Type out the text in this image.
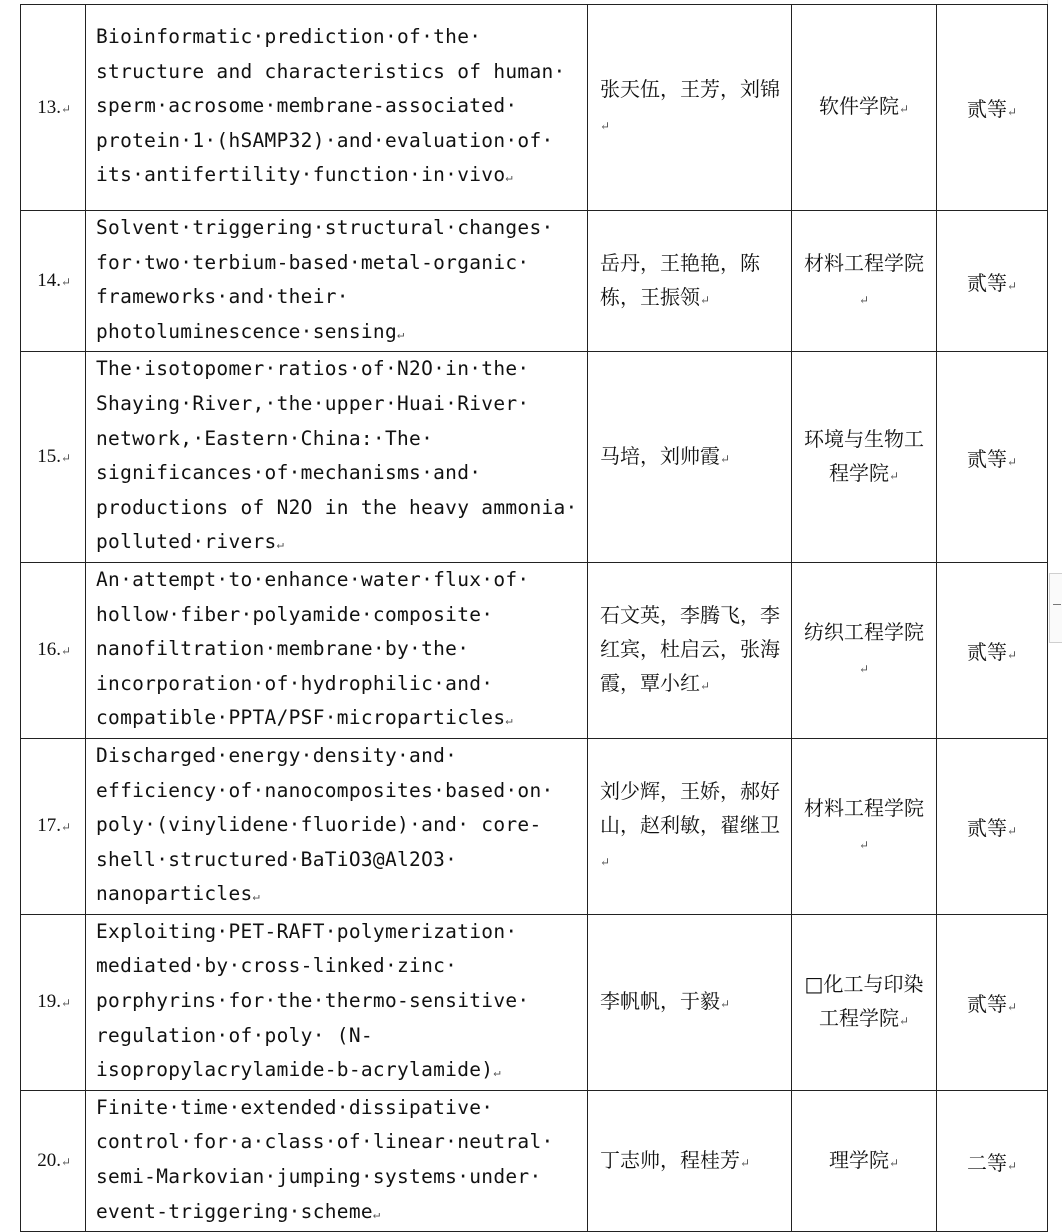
13.↵	Bioinformatic·prediction·of·the· structure and characteristics of human· sperm·acrosome·membrane-associated· protein·1·(hSAMP32)·and·evaluation·of· its·antifertility·function·in·vivo↵	张天伍，王芳，刘锦↵	软件学院↵	贰等↵
14.↵	Solvent·triggering·structural·changes· for·two·terbium-based·metal-organic· frameworks·and·their· photoluminescence·sensing↵	岳丹，王艳艳，陈栋，王振领↵	材料工程学院↵	贰等↵
15.↵	The·isotopomer·ratios·of·N2O·in·the· Shaying·River,·the·upper·Huai·River· network,·Eastern·China:·The· significances·of·mechanisms·and· productions of N2O in the heavy ammonia· polluted·rivers↵	马培，刘帅霞↵	环境与生物工程学院↵	贰等↵
16.↵	An·attempt·to·enhance·water·flux·of· hollow·fiber·polyamide·composite· nanofiltration·membrane·by·the· incorporation·of·hydrophilic·and· compatible·PPTA/PSF·microparticles↵	石文英，李腾飞，李红宾，杜启云，张海霞，覃小红↵	纺织工程学院↵	贰等↵
17.↵	Discharged·energy·density·and· efficiency·of·nanocomposites·based·on· poly·(vinylidene·fluoride)·and· core-shell·structured·BaTiO3@Al2O3· nanoparticles↵	刘少辉，王娇，郝好山，赵利敏，翟继卫↵	材料工程学院↵	贰等↵
19.↵	Exploiting·PET-RAFT·polymerization· mediated·by·cross-linked·zinc· porphyrins·for·the·thermo-sensitive· regulation·of·poly· (N-isopropylacrylamide-b-acrylamide)↵	李帆帆，于毅↵	□化工与印染工程学院↵	贰等↵
20.↵	Finite·time·extended·dissipative· control·for·a·class·of·linear·neutral· semi-Markovian·jumping·systems·under· event-triggering·scheme↵	丁志帅，程桂芳↵	理学院↵	二等↵
